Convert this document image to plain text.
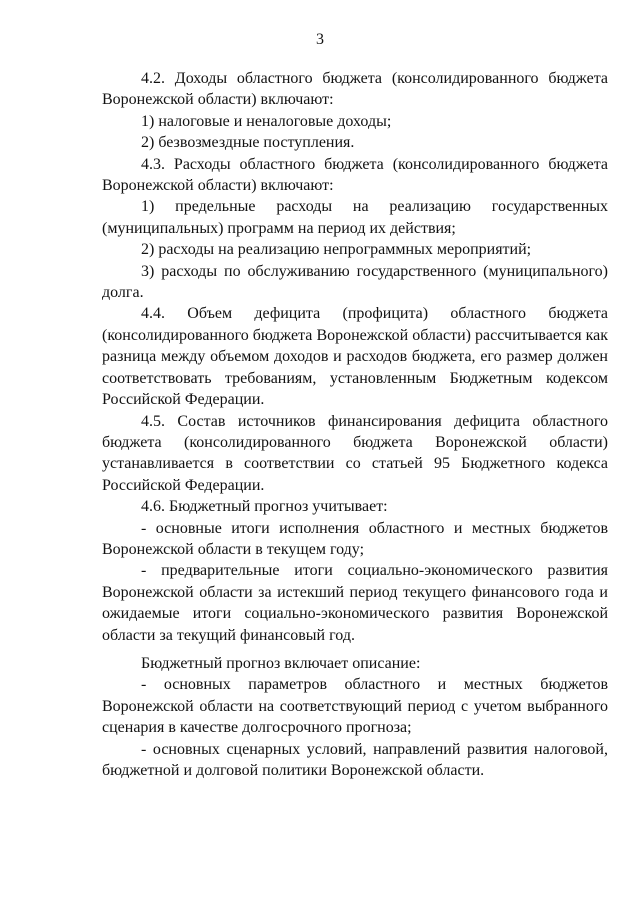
3

4.2. Доходы областного бюджета (консолидированного бюджета Воронежской области) включают:

1) налоговые и неналоговые доходы;

2) безвозмездные поступления.

4.3. Расходы областного бюджета (консолидированного бюджета Воронежской области) включают:

1) предельные расходы на реализацию государственных (муниципальных) программ на период их действия;

2) расходы на реализацию непрограммных мероприятий;

3) расходы по обслуживанию государственного (муниципального) долга.

4.4. Объем дефицита (профицита) областного бюджета (консолидированного бюджета Воронежской области) рассчитывается как разница между объемом доходов и расходов бюджета, его размер должен соответствовать требованиям, установленным Бюджетным кодексом Российской Федерации.

4.5. Состав источников финансирования дефицита областного бюджета (консолидированного бюджета Воронежской области) устанавливается в соответствии со статьей 95 Бюджетного кодекса Российской Федерации.

4.6. Бюджетный прогноз учитывает:

- основные итоги исполнения областного и местных бюджетов Воронежской области в текущем году;

- предварительные итоги социально-экономического развития Воронежской области за истекший период текущего финансового года и ожидаемые итоги социально-экономического развития Воронежской области за текущий финансовый год.

Бюджетный прогноз включает описание:

- основных параметров областного и местных бюджетов Воронежской области на соответствующий период с учетом выбранного сценария в качестве долгосрочного прогноза;

- основных сценарных условий, направлений развития налоговой, бюджетной и долговой политики Воронежской области.
